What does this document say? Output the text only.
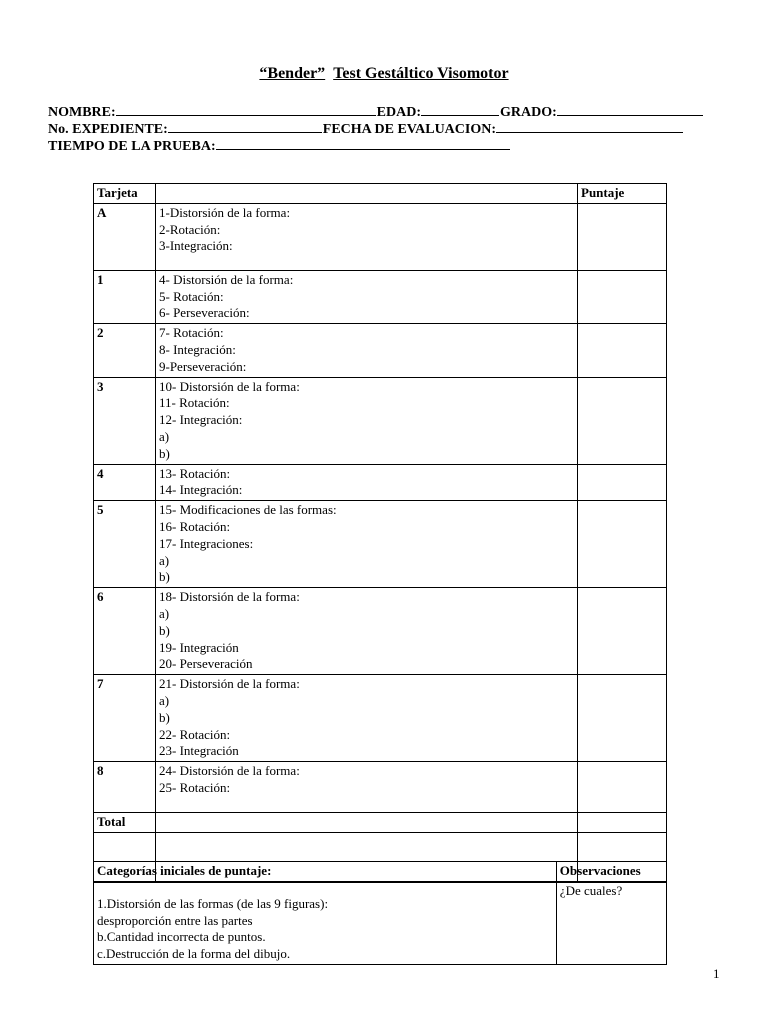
“Bender” Test Gestáltico Visomotor
NOMBRE:	EDAD:	GRADO:
No. EXPEDIENTE:	FECHA DE EVALUACION:
TIEMPO DE LA PRUEBA:
Tarjeta		Puntaje
A	1-Distorsión de la forma:
2-Rotación:
3-Integración:	

1	4- Distorsión de la forma:
5- Rotación:
6- Perseveración:	

2	7- Rotación:
8- Integración:
9-Perseveración:	

3	10- Distorsión de la forma:
11- Rotación:
12- Integración:
a)
b)	

4	13- Rotación:
14- Integración:	

5	15- Modificaciones de las formas:
16- Rotación:
17- Integraciones:
a)
b)	

6	18- Distorsión de la forma:
a)
b)
19- Integración
20- Perseveración	

7	21- Distorsión de la forma:
a)
b)
22- Rotación:
23- Integración	

8	24- Distorsión de la forma:
25- Rotación:	

Total		

Categorías iniciales de puntaje:	Observaciones

1.Distorsión de las formas (de las 9 figuras):
desproporción entre las partes
b.Cantidad incorrecta de puntos.
c.Destrucción de la forma del dibujo.	¿De cuales?
1
